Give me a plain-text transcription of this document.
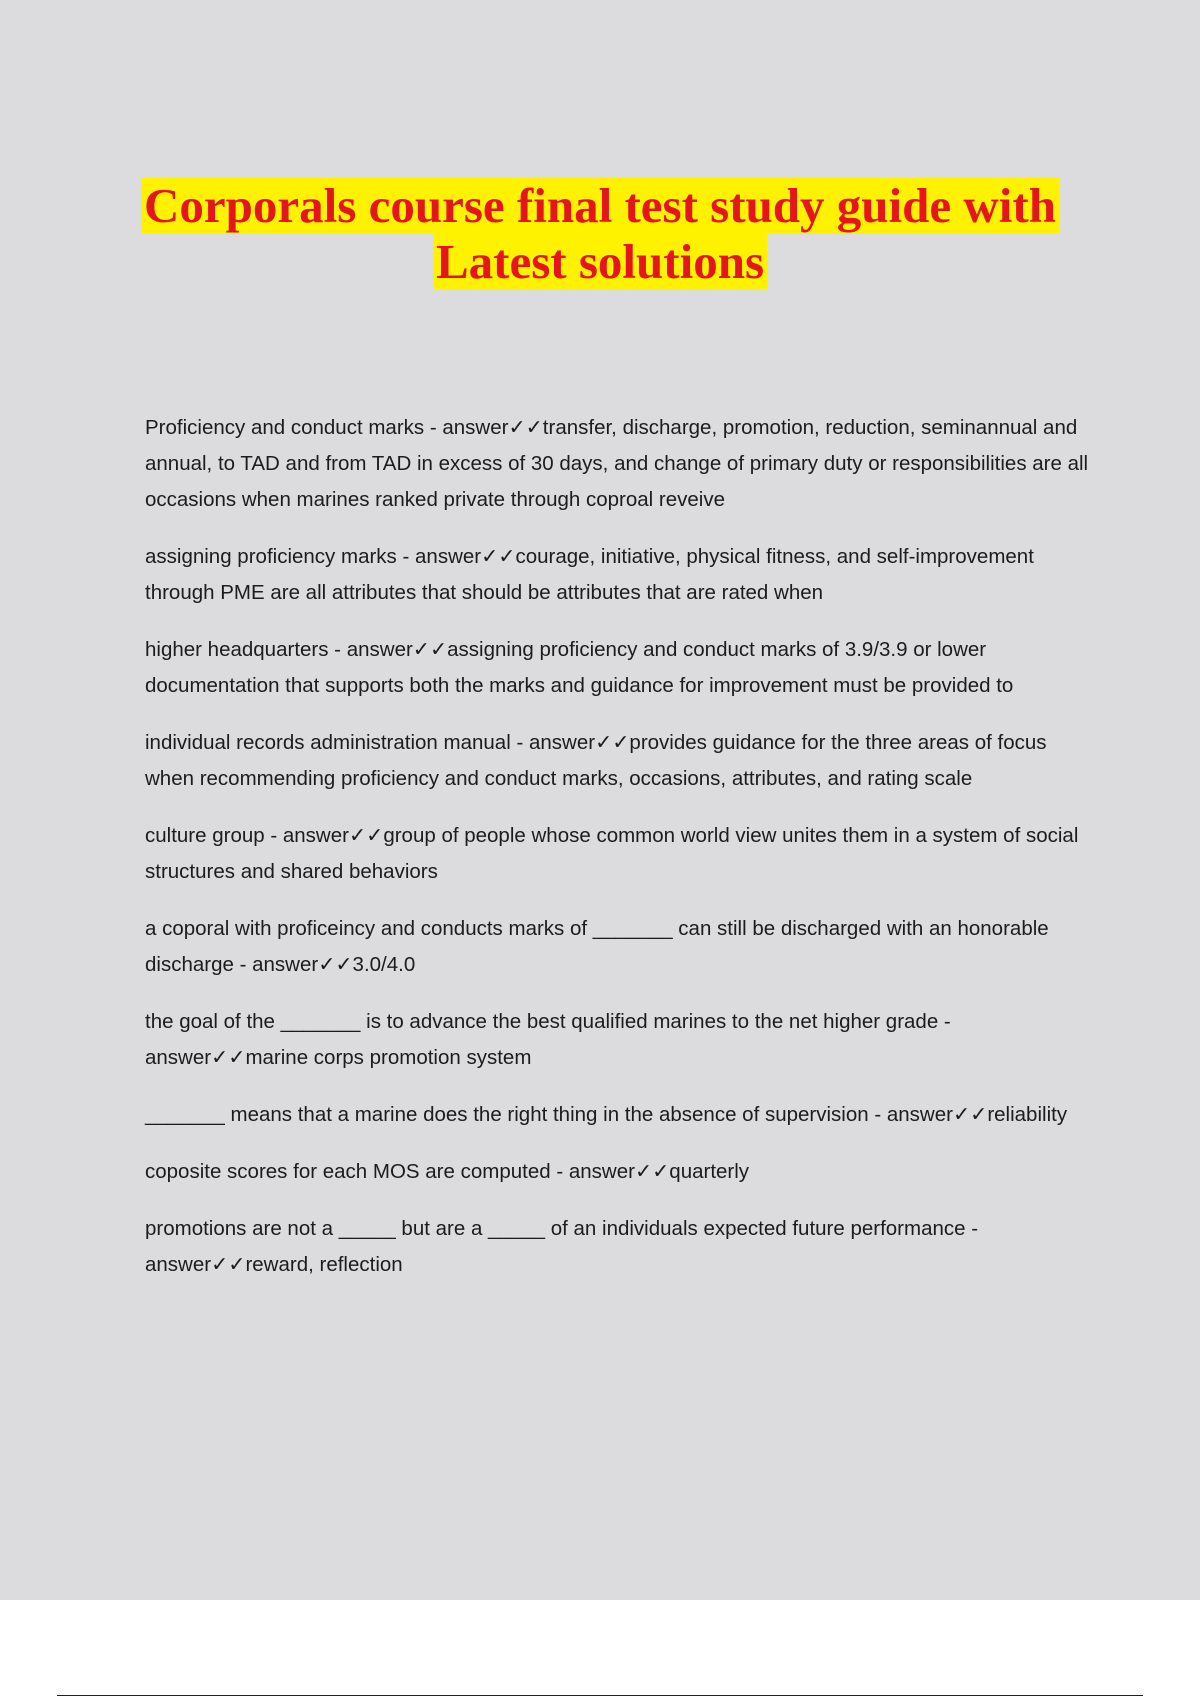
Corporals course final test study guide with
Latest solutions

Proficiency and conduct marks - answer✓✓transfer, discharge, promotion, reduction, seminannual and annual, to TAD and from TAD in excess of 30 days, and change of primary duty or responsibilities are all occasions when marines ranked private through coproal reveive

assigning proficiency marks - answer✓✓courage, initiative, physical fitness, and self-improvement through PME are all attributes that should be attributes that are rated when

higher headquarters - answer✓✓assigning proficiency and conduct marks of 3.9/3.9 or lower documentation that supports both the marks and guidance for improvement must be provided to

individual records administration manual - answer✓✓provides guidance for the three areas of focus when recommending proficiency and conduct marks, occasions, attributes, and rating scale

culture group - answer✓✓group of people whose common world view unites them in a system of social structures and shared behaviors

a coporal with proficeincy and conducts marks of _______ can still be discharged with an honorable discharge - answer✓✓3.0/4.0

the goal of the _______ is to advance the best qualified marines to the net higher grade - answer✓✓marine corps promotion system

_______ means that a marine does the right thing in the absence of supervision - answer✓✓reliability

coposite scores for each MOS are computed - answer✓✓quarterly

promotions are not a _____ but are a _____ of an individuals expected future performance - answer✓✓reward, reflection
